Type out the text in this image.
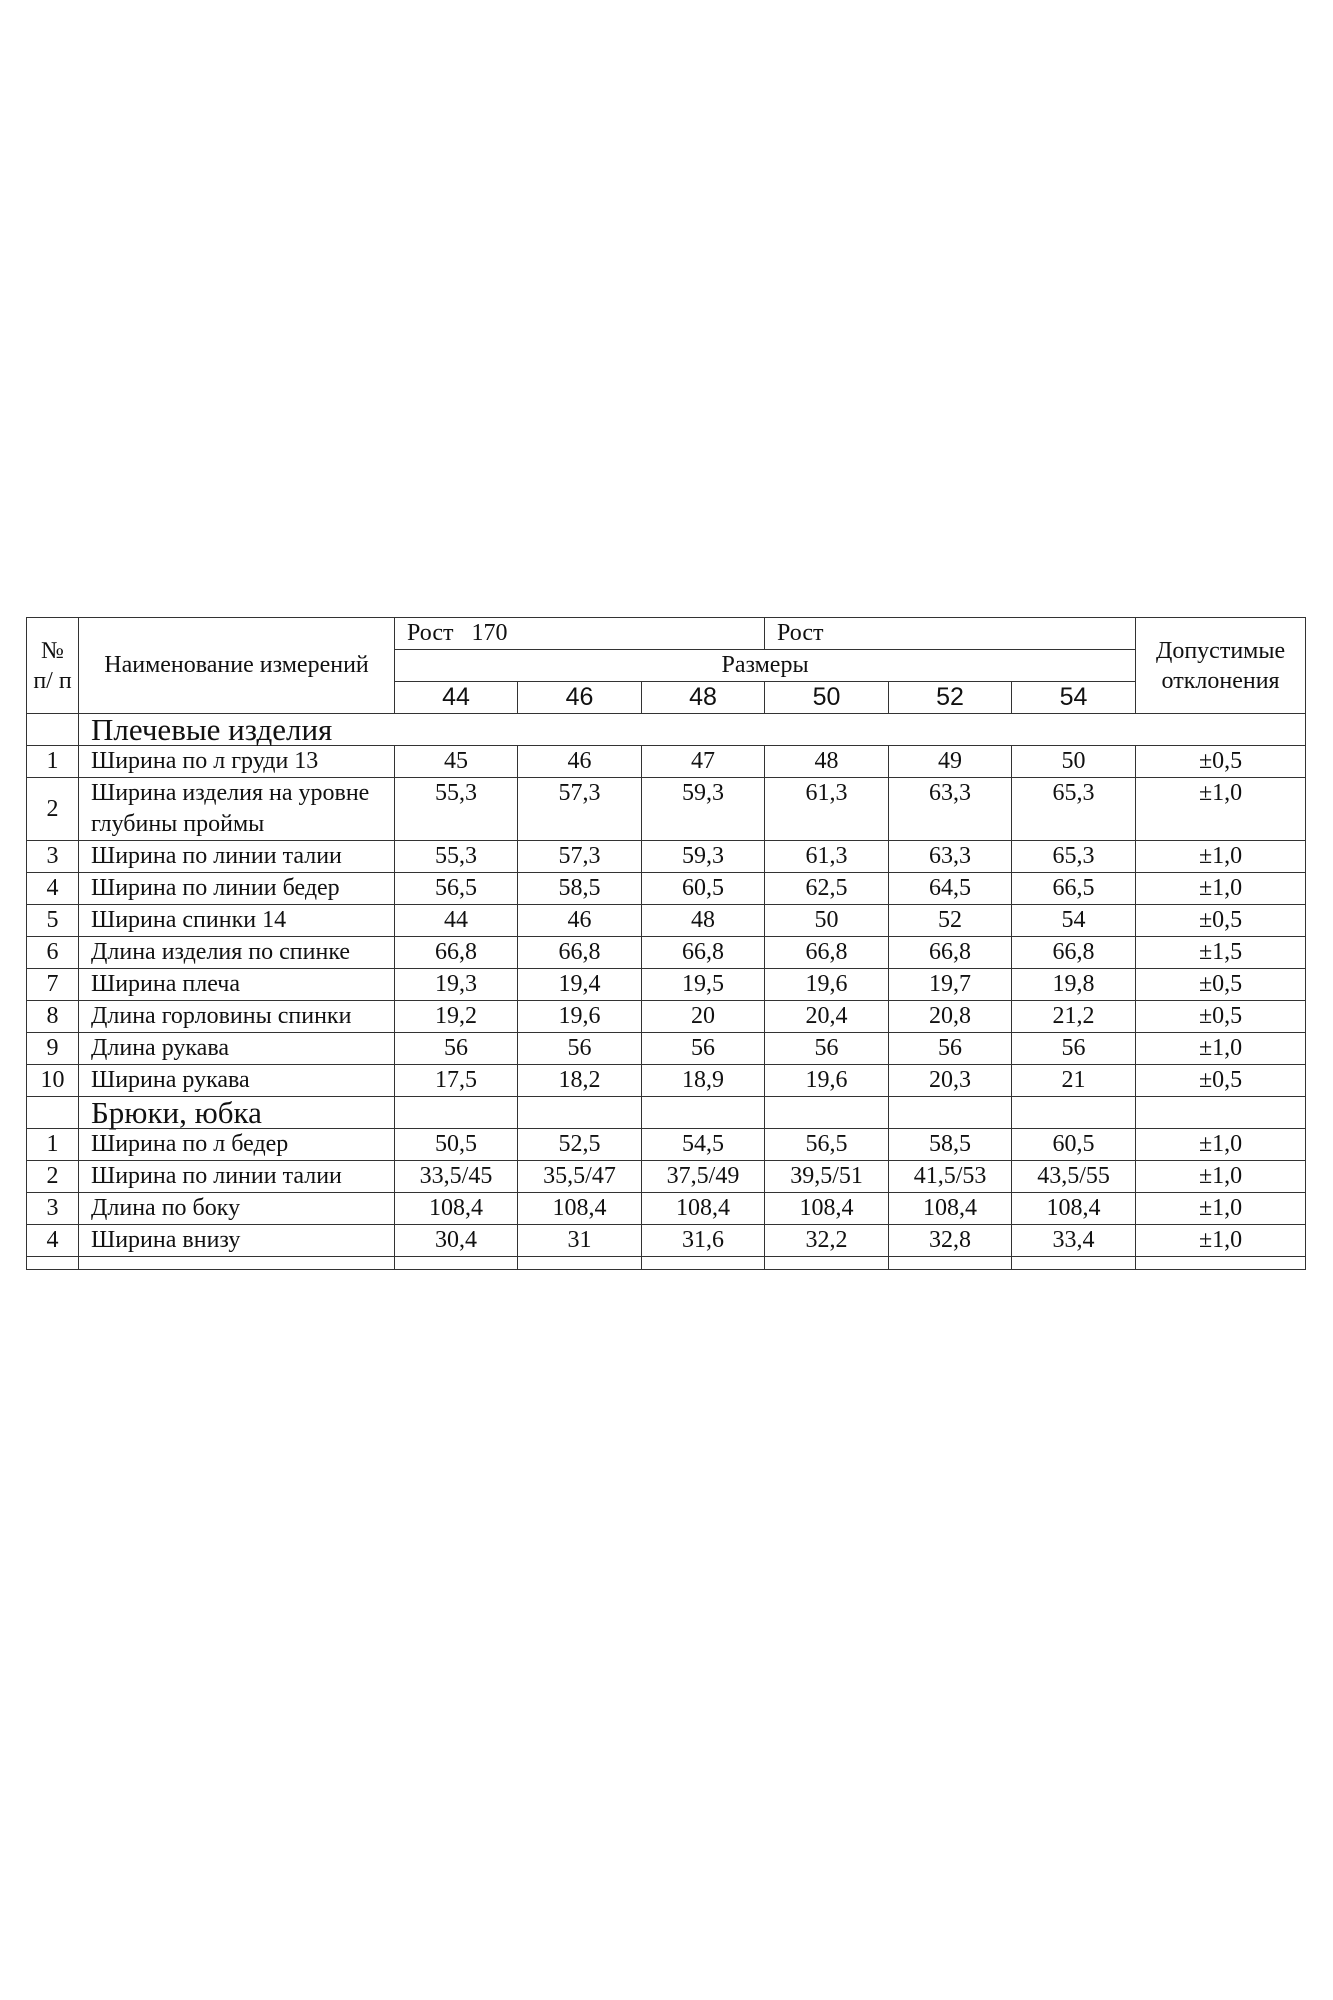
№ п/ п	Наименование измерений	Рост   170			Рост			Допустимые отклонения
		Размеры						
		44	46	48	50	52	54	
	Плечевые изделия							
1	Ширина по л груди 13	45	46	47	48	49	50	±0,5
2	Ширина изделия на уровне глубины проймы	55,3	57,3	59,3	61,3	63,3	65,3	±1,0
3	Ширина по линии талии	55,3	57,3	59,3	61,3	63,3	65,3	±1,0
4	Ширина по линии бедер	56,5	58,5	60,5	62,5	64,5	66,5	±1,0
5	Ширина спинки 14	44	46	48	50	52	54	±0,5
6	Длина изделия по спинке	66,8	66,8	66,8	66,8	66,8	66,8	±1,5
7	Ширина плеча	19,3	19,4	19,5	19,6	19,7	19,8	±0,5
8	Длина горловины спинки	19,2	19,6	20	20,4	20,8	21,2	±0,5
9	Длина рукава	56	56	56	56	56	56	±1,0
10	Ширина рукава	17,5	18,2	18,9	19,6	20,3	21	±0,5
	Брюки, юбка							
1	Ширина по л бедер	50,5	52,5	54,5	56,5	58,5	60,5	±1,0
2	Ширина по линии талии	33,5/45	35,5/47	37,5/49	39,5/51	41,5/53	43,5/55	±1,0
3	Длина по боку	108,4	108,4	108,4	108,4	108,4	108,4	±1,0
4	Ширина внизу	30,4	31	31,6	32,2	32,8	33,4	±1,0
